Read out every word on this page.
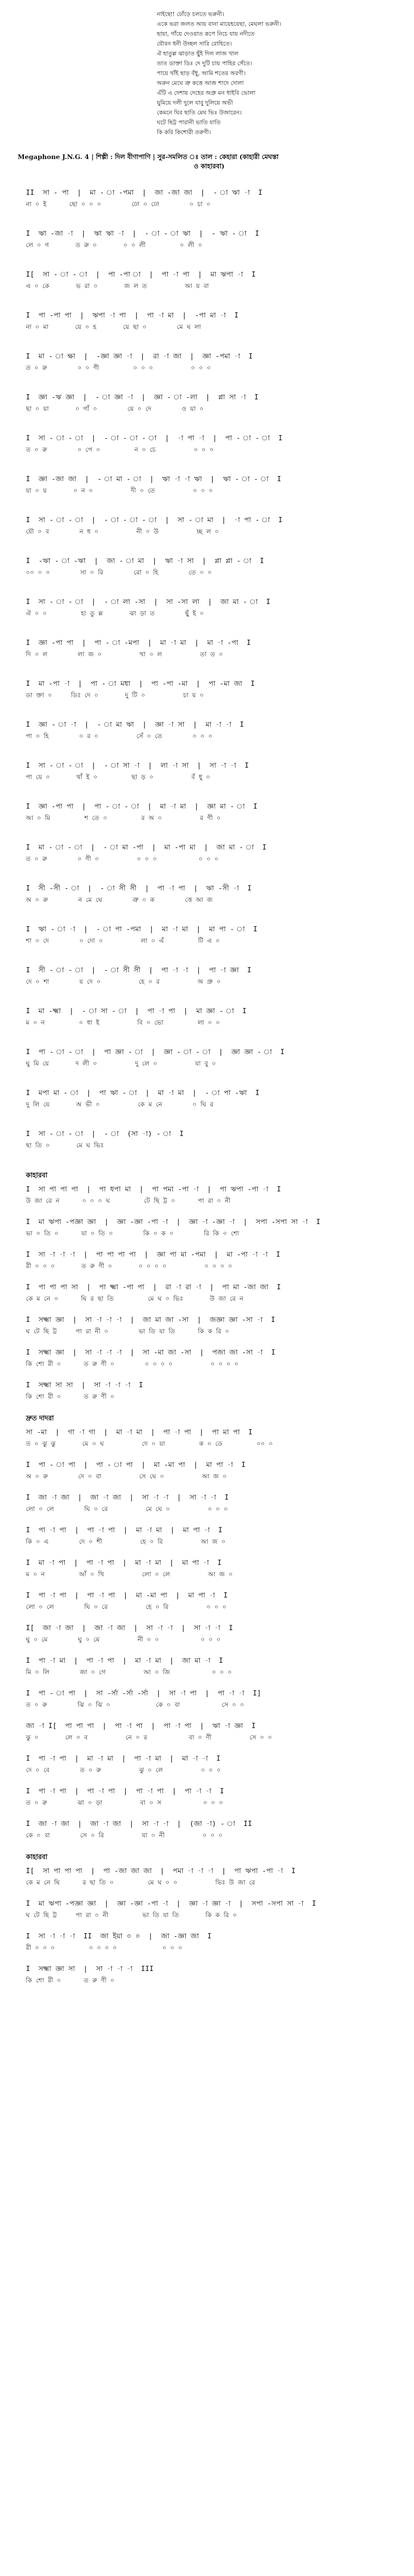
নাইছো! ঢোঁড়ে চলতে ভরুনী।
একে ভরা জলত আয় বানা মায়েহয়েছা, মেঘলা ভরুনী।
ছায়া, গাঁয়ে দেওয়াত রূপে নিচে যায় নদীতে
যৌবন ধনী উচ্ছল সারি রোহিতে।
ঐ হাতুল্ল ঝাড়াত ছুঁই দিল লাজ খাল
তাত ডাক্তা ডিঃ দে দুটি চায় পাহির সেঁতে।
পায়ে থাঁই ছাড় বঁধু, আমি শতের অরণী।
অরুন মেঘে ত্রু কত্তে আজ শাদে দোলা
এঁটি এ দেশায় দেহের অগ্ৰু মন ধাইবি ভোলা
ঘুমিয়ে দলী দুলে যাবু দুলিয়ে অভী
কেমনে ঘির ছাতি মেঘ ভিঃ উজারেন।
ঘটে ছিট্ট পারানী ভাতি যাতি
কি করি কিশোরী তরুণী।
Megaphone J.N.G. 4 | শিল্পী : দিল বীণাপাণি | সুর-সমলিত ঃ তাল : কেহারা (কাহারী মেঘস্তা
ও কাহারবা)
II  সা - পা  |  মা - া -পমা  |  জা -জা জা  |  - া ঋা -া  I
না ০ ই      ছো ০ ০ ০        ঢো ০ ঢো        ০ চা ০
I  ঋা -জা -া  |  ঋা ঋা -া  |  - া - া ঋা  |  - ঋা - া  I
লে ০ গ       ত রু ০       ০ ০ লী         ০ লী ০
I[  সা - া - া  |  পা -পা া  |  পা -া পা  |  মা ঋপা -া  I
এ ০ কে       ভ রা ০       জ ল ত          আ য় বা
I  পা -পা পা  |  ঋপা -া পা  |  পা -া মা  |  -পা মা -া  I
না ০ মা       য়ে ০ হ       য়ে ছা ০        মে ঘ লা
I  মা - া ক্ষা  |  -জ্ঞা জ্ঞা -া  |  রা -া জা  |  জ্ঞা -পমা -া  I
ত ০ রু        ০ ০ ণী         ০ ০ ০          ০ ০ ০
I  জ্ঞা -ঋ জ্ঞা  |  - া জ্ঞা -া  |  জ্ঞা - া -লা  |  প্লা সা -া  I
ছা ০ য়া       ০ গাঁ ০        য়ে ০ দে        ও য়া ০
I  সা - া - া  |  - া - া - া  |  -া পা -া  |  পা - া - া  I
ত ০ রু        ০ পে ০         ন ০ চে          ০ ০ ০
I  জ্ঞা -জা জা  |  - া মা - া  |  ঋা -া -া ঋা  |  ঋা - া - া  I
যা ০ য়       ০ ন ০          দী ০ তে          ০ ০ ০
I  সা - া - া  |  - া - া - া  |  সা - া মা  |  -া পা - া  I
যৌ ০ ব        ন ধ ০          নী ০ উ          চ্ছ ল ০
I  -ঋা - া -ঋা  |  জা - া মা  |  ঋা -া সা  |  প্লা প্লা - া  I
০০ ০ ০        সা ০ রি        রো ০ হি        তে ০ ০
I  সা - া - া  |  - া লা -সা  |  সা -সা লা  |  জা মা - া  I
ঐ ০ ০         হা তু ল্ল       ঝা ড়া ত        ছুঁ ই ০
I  জ্ঞা -পা পা  |  পা - া -মপা  |  মা -া মা  |  মা -া -পা  I
দি ০ ল        লা জ ০          খা ০ ল          তা ত ০
I  মা -পা -া  |  পা - া মধা  |  পা -পা -মা  |  পা -মা জা  I
ডা ক্তা ০     ডিঃ দে ০       দু টি ০          চা য় ০
I  জ্ঞা - া -া  |  - া মা ঋা  |  জ্ঞা -া সা  |  মা -া -া  I
পা ০ হি        ০ র ০          সেঁ ০ তে        ০ ০ ০
I  সা - া - া  |  - া সা -া  |  লা -া সা  |  সা -া -া  I
পা য়ে ০       থাঁ ই ০         ছা ড় ০          বঁ ধু ০
I  জ্ঞা -পা পা  |  পা - া - া  |  মা -া মা  |  জ্ঞা মা - া  I
আ ০ মি         শ তে ০         র অ ০          র ণী ০
I  মা - া - া  |  - া মা -পা  |  মা -পা মা  |  জা মা - া  I
ত ০ রু        ০ ণী ০          ০ ০ ০           ০ ০ ০
I  সী -সী - া  |  - া সী সী  |  পা -া পা  |  ঋা -সী -া  I
অ ০ রু        ন মে ঘে        ত্রু ০ ক        ত্তে আ জ
I  ঋা - া -া  |  - া পা -পমা  |  মা -া মা  |  মা পা - া  I
শা ০ দে        ০ দো ০          লা ০ এঁ         টি এ ০
I  সী - া - া  |  - া সী সী  |  পা -া -া  |  পা -া জ্ঞা  I
দে ০ শা        য় দে ০          হে ০ র          অ গ্ৰু ০
I  মা -ক্ষ্মা  |  - া সা - া  |  পা -া পা  |  মা জ্ঞা - া  I
ম ০ ন         ০ ধা ই          বি ০ ভো         লা ০ ০
I  পা - া - া  |  পা জ্ঞা - া  |  জ্ঞা - া - া  |  জ্ঞা জ্ঞা - া  I
ঘু মি য়ে       দ লী ০          দু লে ০          যা বু ০
I  মপা মা - া  |  পা ঋা - া  |  মা -া মা  |  - া পা -ঋা  I
দু লি য়ে       অ ভী ০          কে ম নে        ০ ঘি র
I  সা - া - া  |  - া  (সা -া) - া  I
ছা তি ০       মে ঘ ভিঃ
কাহারবা
I  সা পা পা পা  |  পা ধপা মা  |  পা পমা -পা -া  |  পা ঋপা -পা -া  I
উ জা রে ন      ০ ০ ০ ঘ         টে ছি ট্ট ০      পা রা ০ নী
I  মা ঋপা -পজ্ঞা জ্ঞা  |  জ্ঞা -জ্ঞা -পা -া  |  জ্ঞা -া -জ্ঞা -া  |  সপা -সপা সা -া  I
ভা ০ তি ০      যা ০ তি ০        কি ০ ক ০        রি কি ০ শো
I  সা -া -া -া  |  পা পা পা পা  |  জ্ঞা পা মা -পমা  |  মা -পা -া -া  I
রী ০ ০ ০       ত রু ণী ০       ০ ০ ০ ০          ০ ০ ০ ০
I  পা পা পা সা  |  পা ক্ষ্মা -পা পা  |  রা -া রা -া  |  পা মা -জা জা  I
কে ম নে ০      ঘি র ছা তি         মে ঘ ০ ভিঃ       উ জা রে ন
I  সক্ষ্মা জ্ঞা  |  সা -া -া -া  |  জা মা জা -সা  |  জজ্ঞা জ্ঞা -সা -া  I
ঘ টে ছি ট্ট     পা রা নী ০        ভা তি যা তি      কি ক রি ০
I  সক্ষ্মা জ্ঞা  |  সা -া -া -া  |  সা -মা জা -সা  |  পজা জা -সা -া  I
কি শো রী ০      ত রু ণী ০        ০ ০ ০ ০          ০ ০ ০ ০
I  সক্ষ্মা সা সা  |  সা -া -া -া  I
কি শো রী ০      ত রু ণী ০
দ্রুত দাদরা
সা -মা  |  গা -া গা  |  মা -া মা  |  পা -া পা  |  পা মা পা  I
ত ০ ঝু ঝু       মে ০ ঘ          দে ০ য়া         ক ০ ডে         ০০ ০
I  পা - া পা  |  পা - া পা  |  মা -মা পা  |  মা পা -া  I
অ ০ রু        দে ০ বা          সে ঘে ০          আ জ ০
I  জা -া জা  |  জা -া জা  |  সা -া -া  |  সা -া -া  I
লো ০ লে        ঘি ০ রে          মে ঘে ০          ০ ০ ০
I  পা -া পা  |  পা -া পা  |  মা -া মা  |  মা পা -া  I
কি ০ এ        দে ০ শী          হে ০ রি          আ জ ০
I  মা -া পা  |  পা -া পা  |  মা -া মা  |  মা পা -া  I
ম ০ ন         আঁ ০ খি          লো ০ লে          আ জ ০
I  পা -া পা  |  পা -া পা  |  মা -মা পা  |  মা পা -া  I
লো ০ লে        ঘি ০ রে          হে ০ রি          ০ ০ ০
I[  জা -া জা  |  জা -া জা  |  সা -া -া  |  সা -া -া  I
ঘু ০ মে        ঘু ০ মে          নী ০ ০           ০ ০ ০
I  পা -া মা  |  পা -া পা  |  মা -া মা  |  জা মা -া  I
মি ০ লি        জা ০ গে          আ ০ জি           ০ ০ ০
I  পা - া পা  |  সা -র্সা -র্সা -র্সা  |  সা -া পা  |  পা -া -া  I]
ত ০ রু        ঝি ০ ঝি ০            কে ০ বা           সে ০ ০
জা -া I[  পা পা পা  |  পা -া পা  |  পা -া পা  |  ঋা -া জ্ঞা  I
ঝু ০       লে ০ ব          নে ০ র           বা ০ ণী          সে ০ ০
I  পা -া পা  |  মা -া মা  |  পা -া মা  |  মা -া -া  I
দে ০ বে        ত ০ রু          ঝু ০ লে          ০ ০ ০
I  পা -া পা  |  পা -া পা  |  পা -া পা  |  পা -া -া  I
ত ০ রু        ঝা ০ ড়া          বা ০ স           ০ ০ ০
I  জা -া জা  |  জা -া জা  |  সা -া -া  |  (জা -া) - া  II
কে ০ বা        সে ০ রি          যা ০ নী          ০ ০ ০
কাহারবা
I[  সা পা পা পা  |  পা -জা জা জা  |  পমা -া -া -া  |  পা ঋপা -পা -া  I
কে ম নে ঘি      র ছা তি ০         মে ঘ ০ ০          ভিঃ উ জা রে
I  মা ঋপা -পজ্ঞা জ্ঞা  |  জ্ঞা -জ্ঞা -পা -া  |  জ্ঞা -া জ্ঞা -া  |  সপা -সপা সা -া  I
ঘ টে ছি ট্ট     পা রা ০ নী         ভা তি যা তি       কি ক রি ০
I  সা -া -া -া  II  জা ইয়া ০ ০  |  জা -জ্ঞা জা  I
রী ০ ০ ০         ০ ০ ০ ০            ০ ০ ০
I  সক্ষ্মা জ্ঞা সা  |  সা -া -া -া  III
কি শো রী ০      ত রু ণী ০
